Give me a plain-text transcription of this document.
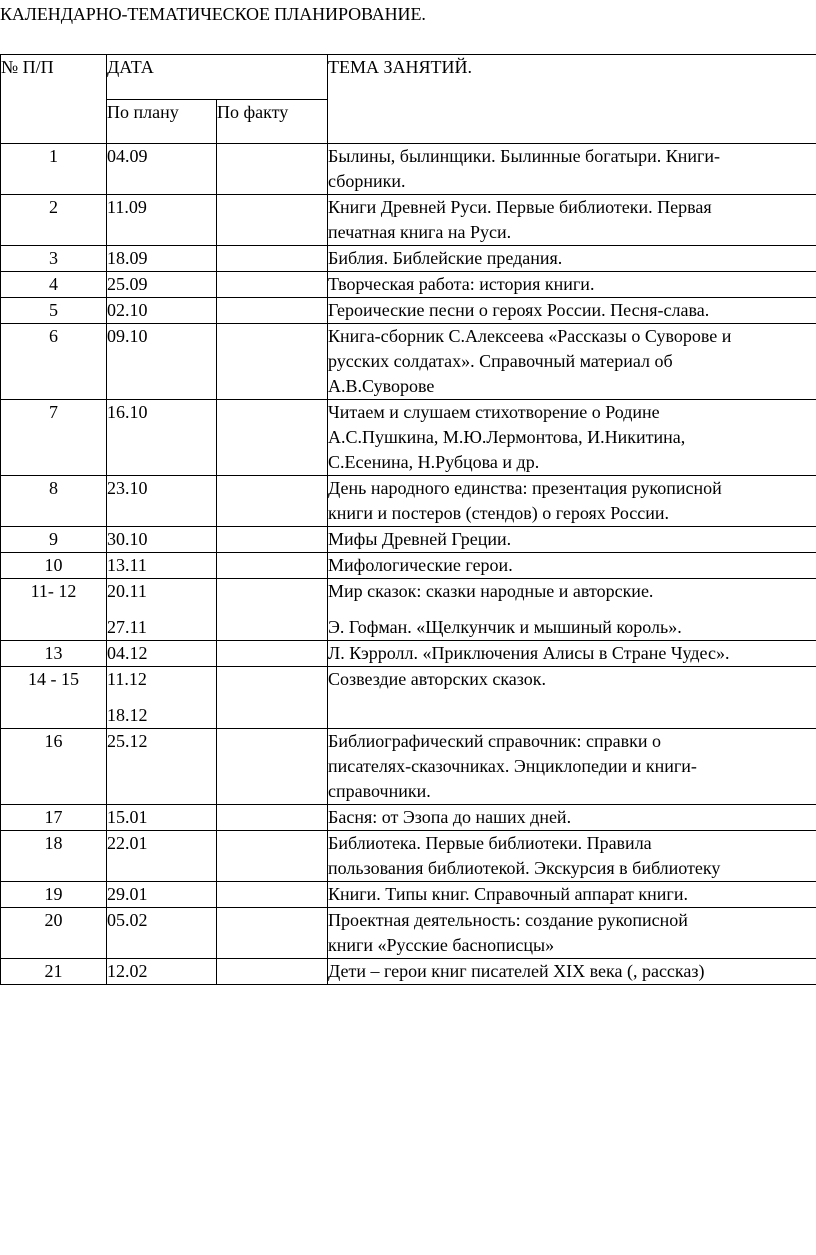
КАЛЕНДАРНО-ТЕМАТИЧЕСКОЕ ПЛАНИРОВАНИЕ.
№ П/П	ДАТА		ТЕМА ЗАНЯТИЙ.
	По плану	По факту	
1	04.09		Былины, былинщики. Былинные богатыри. Книги-
сборники.

2	11.09		Книги Древней Руси. Первые библиотеки. Первая
печатная книга на Руси.

3	18.09		Библия. Библейские предания.

4	25.09		Творческая работа: история книги.

5	02.10		Героические песни о героях России. Песня-слава.

6	09.10		Книга-сборник С.Алексеева «Рассказы о Суворове и
русских солдатах». Справочный материал об
А.В.Суворове

7	16.10		Читаем и слушаем стихотворение о Родине
А.С.Пушкина, М.Ю.Лермонтова, И.Никитина,
С.Есенина, Н.Рубцова и др.

8	23.10		День народного единства: презентация рукописной
книги и постеров (стендов) о героях России.

9	30.10		Мифы Древней Греции.

10	13.11		Мифологические герои.

11- 12	20.11
27.11		Мир сказок: сказки народные и авторские.
Э. Гофман. «Щелкунчик и мышиный король».

13	04.12		Л. Кэрролл. «Приключения Алисы в Стране Чудес».

14 - 15	11.12
18.12		Созвездие авторских сказок.

16	25.12		Библиографический справочник: справки о
писателях-сказочниках. Энциклопедии и книги-
справочники.

17	15.01		Басня: от Эзопа до наших дней.

18	22.01		Библиотека. Первые библиотеки. Правила
пользования библиотекой. Экскурсия в библиотеку

19	29.01		Книги. Типы книг. Справочный аппарат книги.

20	05.02		Проектная деятельность: создание рукописной
книги «Русские баснописцы»

21	12.02		Дети – герои книг писателей XIX века (, рассказ)
